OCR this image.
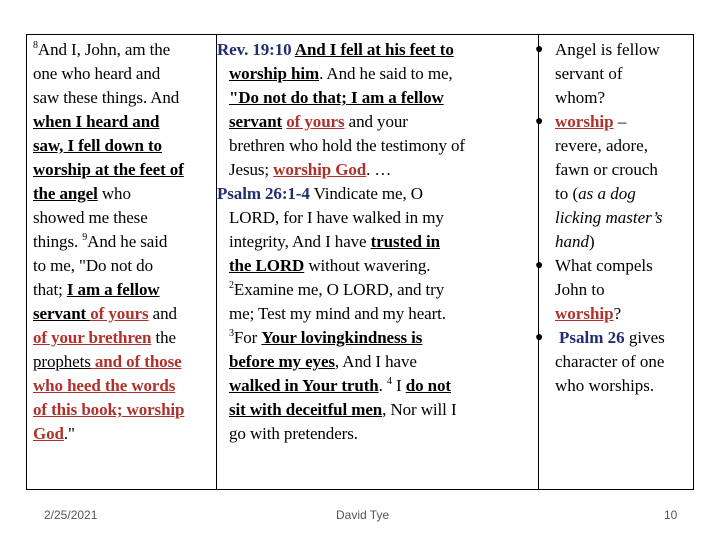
$^8$And I, John, am the
one who heard and
saw these things. And
when I heard and
saw, I fell down to
worship at the feet of
the angel who
showed me these
things. $^9$And he said
to me, "Do not do
that; I am a fellow
servant of yours and
of your brethren the
prophets and of those
who heed the words
of this book; worship
God."
Rev. 19:10 And I fell at his feet to
worship him. And he said to me,
"Do not do that; I am a fellow
servant of yours and your
brethren who hold the testimony of
Jesus; worship God. …
Psalm 26:1-4 Vindicate me, O
LORD, for I have walked in my
integrity, And I have trusted in
the LORD without wavering.
$^2$Examine me, O LORD, and try
me; Test my mind and my heart.
$^3$For Your lovingkindness is
before my eyes, And I have
walked in Your truth. $^4$ I do not
sit with deceitful men, Nor will I
go with pretenders.
● Angel is fellow
servant of
whom?
● worship –
revere, adore,
fawn or crouch
to (as a dog
licking master’s
hand)
● What compels
John to
worship?
● Psalm 26 gives
character of one
who worships.
2/25/2021	David Tye	10
